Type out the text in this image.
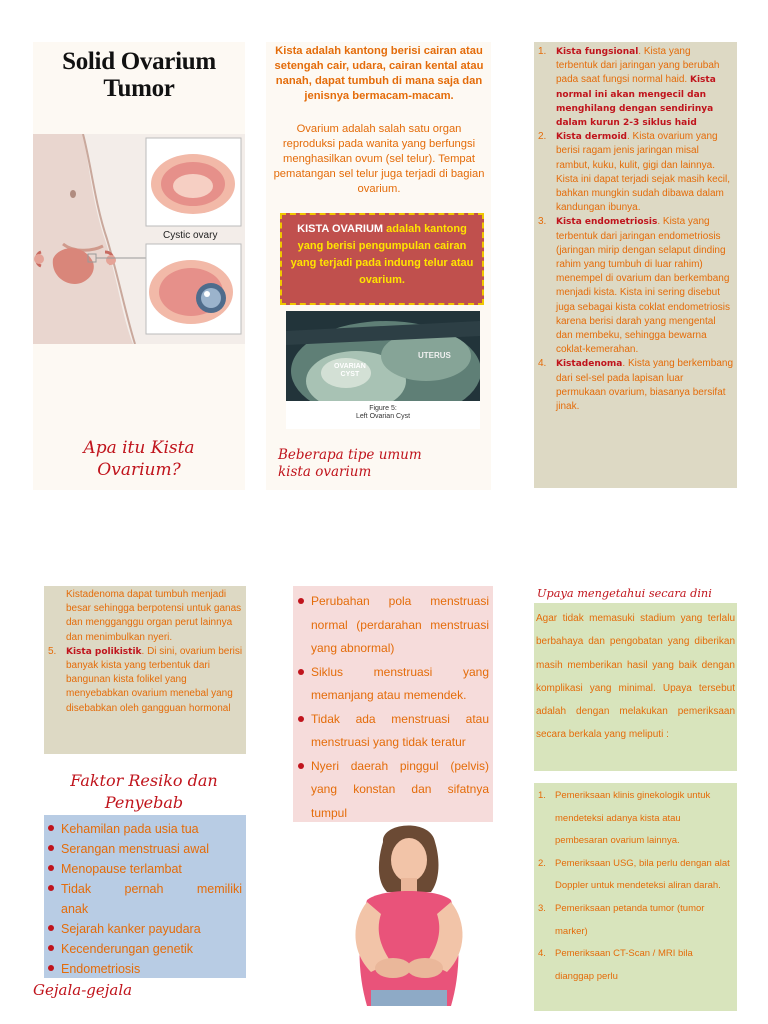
Solid Ovarium
Tumor
Cystic ovary
Apa itu Kista
Ovarium?
Kista adalah kantong berisi cairan atau setengah cair, udara, cairan kental atau nanah, dapat tumbuh di mana saja dan jenisnya bermacam-macam.
Ovarium adalah salah satu organ reproduksi pada wanita yang berfungsi menghasilkan ovum (sel telur). Tempat pematangan sel telur juga terjadi di bagian ovarium.
KISTA OVARIUM adalah kantong yang berisi pengumpulan cairan yang terjadi pada indung telur atau ovarium.
UTERUS
OVARIAN
CYST
Figure 5:
Left Ovarian Cyst
Beberapa tipe umum
kista ovarium
1. Kista fungsional. Kista yang terbentuk dari jaringan yang berubah pada saat fungsi normal haid. Kista normal ini akan mengecil dan menghilang dengan sendirinya dalam kurun 2-3 siklus haid
2. Kista dermoid. Kista ovarium yang berisi ragam jenis jaringan misal rambut, kuku, kulit, gigi dan lainnya. Kista ini dapat terjadi sejak masih kecil, bahkan mungkin sudah dibawa dalam kandungan ibunya.
3. Kista endometriosis. Kista yang terbentuk dari jaringan endometriosis (jaringan mirip dengan selaput dinding rahim yang tumbuh di luar rahim) menempel di ovarium dan berkembang menjadi kista. Kista ini sering disebut juga sebagai kista coklat endometriosis karena berisi darah yang mengental dan membeku, sehingga bewarna coklat-kemerahan.
4. Kistadenoma. Kista yang berkembang dari sel-sel pada lapisan luar permukaan ovarium, biasanya bersifat jinak.
Kistadenoma dapat tumbuh menjadi besar sehingga berpotensi untuk ganas dan mengganggu organ perut lainnya dan menimbulkan nyeri.
5. Kista polikistik. Di sini, ovarium berisi banyak kista yang terbentuk dari bangunan kista folikel yang menyebabkan ovarium menebal yang disebabkan oleh gangguan hormonal
Faktor Resiko dan
Penyebab
Kehamilan pada usia tua
Serangan menstruasi awal
Menopause terlambat
Tidak pernah memiliki anak
Sejarah kanker payudara
Kecenderungan genetik
Endometriosis
Gejala-gejala
Perubahan pola menstruasi normal (perdarahan menstruasi yang abnormal)
Siklus menstruasi yang memanjang atau memendek.
Tidak ada menstruasi atau menstruasi yang tidak teratur
Nyeri daerah pinggul (pelvis) yang konstan dan sifatnya tumpul
Upaya mengetahui secara dini
Agar tidak memasuki stadium yang terlalu berbahaya dan pengobatan yang diberikan masih memberikan hasil yang baik dengan komplikasi yang minimal. Upaya tersebut adalah dengan melakukan pemeriksaan secara berkala yang meliputi :
1. Pemeriksaan klinis ginekologik untuk mendeteksi adanya kista atau pembesaran ovarium lainnya.
2. Pemeriksaan USG, bila perlu dengan alat Doppler untuk mendeteksi aliran darah.
3. Pemeriksaan petanda tumor (tumor marker)
4. Pemeriksaan CT-Scan / MRI bila dianggap perlu
